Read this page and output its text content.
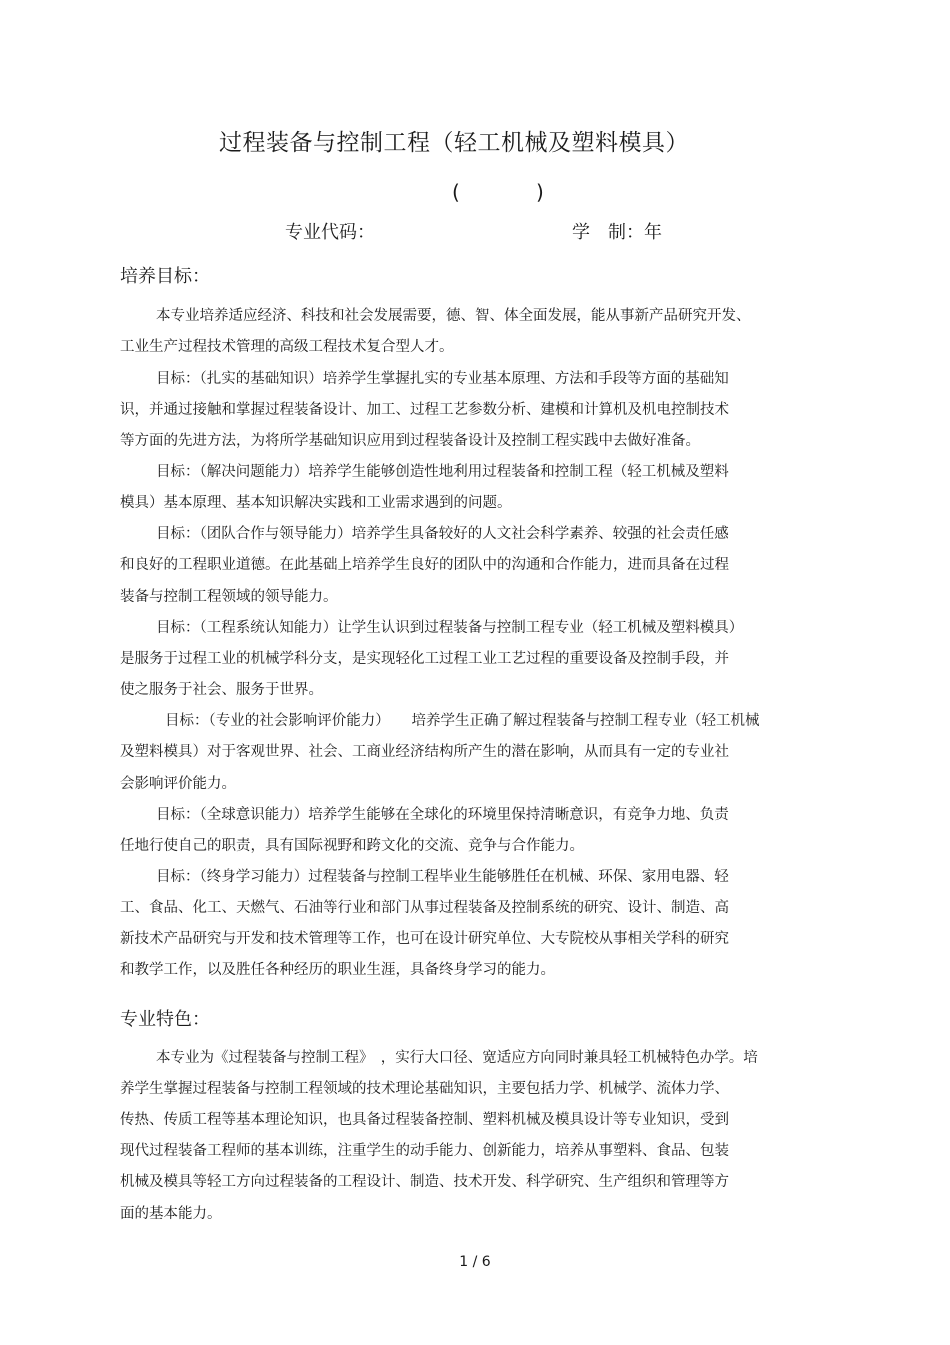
过程装备与控制工程（轻工机械及塑料模具）
(	)
专业代码：	学　制：年
培养目标：
本专业培养适应经济、科技和社会发展需要，德、智、体全面发展，能从事新产品研究开发、
工业生产过程技术管理的高级工程技术复合型人才。
目标：（扎实的基础知识）培养学生掌握扎实的专业基本原理、方法和手段等方面的基础知
识，并通过接触和掌握过程装备设计、加工、过程工艺参数分析、建模和计算机及机电控制技术
等方面的先进方法，为将所学基础知识应用到过程装备设计及控制工程实践中去做好准备。
目标：（解决问题能力）培养学生能够创造性地利用过程装备和控制工程（轻工机械及塑料
模具）基本原理、基本知识解决实践和工业需求遇到的问题。
目标：（团队合作与领导能力）培养学生具备较好的人文社会科学素养、较强的社会责任感
和良好的工程职业道德。在此基础上培养学生良好的团队中的沟通和合作能力，进而具备在过程
装备与控制工程领域的领导能力。
目标：（工程系统认知能力）让学生认识到过程装备与控制工程专业（轻工机械及塑料模具）
是服务于过程工业的机械学科分支，是实现轻化工过程工业工艺过程的重要设备及控制手段，并
使之服务于社会、服务于世界。
目标：（专业的社会影响评价能力）　　培养学生正确了解过程装备与控制工程专业（轻工机械
及塑料模具）对于客观世界、社会、工商业经济结构所产生的潜在影响，从而具有一定的专业社
会影响评价能力。
目标：（全球意识能力）培养学生能够在全球化的环境里保持清晰意识，有竞争力地、负责
任地行使自己的职责，具有国际视野和跨文化的交流、竞争与合作能力。
目标：（终身学习能力）过程装备与控制工程毕业生能够胜任在机械、环保、家用电器、轻
工、食品、化工、天燃气、石油等行业和部门从事过程装备及控制系统的研究、设计、制造、高
新技术产品研究与开发和技术管理等工作，也可在设计研究单位、大专院校从事相关学科的研究
和教学工作，以及胜任各种经历的职业生涯，具备终身学习的能力。
专业特色：
本专业为《过程装备与控制工程》　，实行大口径、宽适应方向同时兼具轻工机械特色办学。培
养学生掌握过程装备与控制工程领域的技术理论基础知识，主要包括力学、机械学、流体力学、
传热、传质工程等基本理论知识，也具备过程装备控制、塑料机械及模具设计等专业知识，受到
现代过程装备工程师的基本训练，注重学生的动手能力、创新能力，培养从事塑料、食品、包装
机械及模具等轻工方向过程装备的工程设计、制造、技术开发、科学研究、生产组织和管理等方
面的基本能力。
1 / 6
